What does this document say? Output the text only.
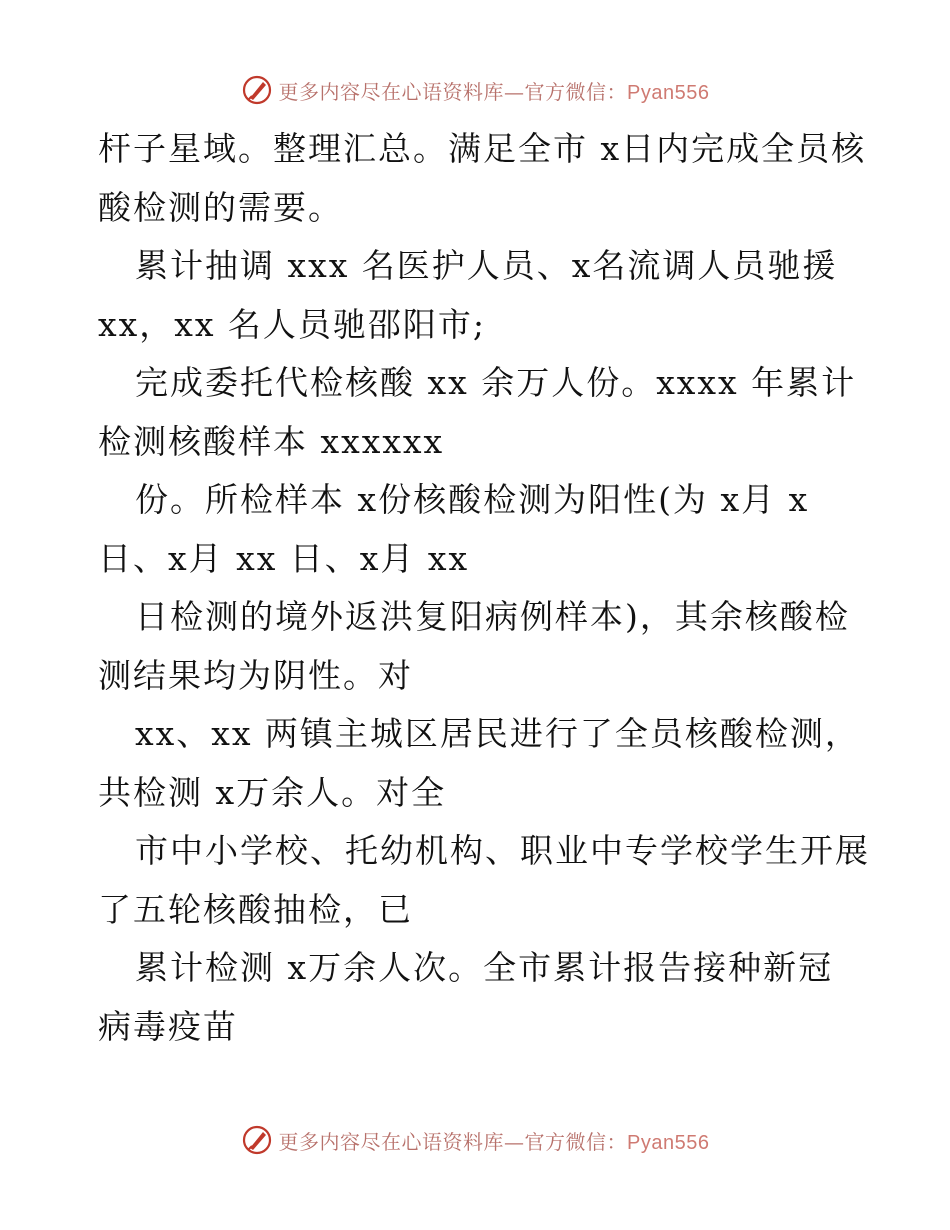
更多内容尽在心语资料库—官方微信：Pyan556
杆子星域。整理汇总。满足全市 x日内完成全员核
酸检测的需要。
累计抽调 xxx 名医护人员、x名流调人员驰援
xx，xx 名人员驰邵阳市;
完成委托代检核酸 xx 余万人份。xxxx 年累计
检测核酸样本 xxxxxx
份。所检样本 x份核酸检测为阳性(为 x月 x
日、x月 xx 日、x月 xx
日检测的境外返洪复阳病例样本)，其余核酸检
测结果均为阴性。对
xx、xx 两镇主城区居民进行了全员核酸检测，
共检测 x万余人。对全
市中小学校、托幼机构、职业中专学校学生开展
了五轮核酸抽检，已
累计检测 x万余人次。全市累计报告接种新冠
病毒疫苗
更多内容尽在心语资料库—官方微信：Pyan556
